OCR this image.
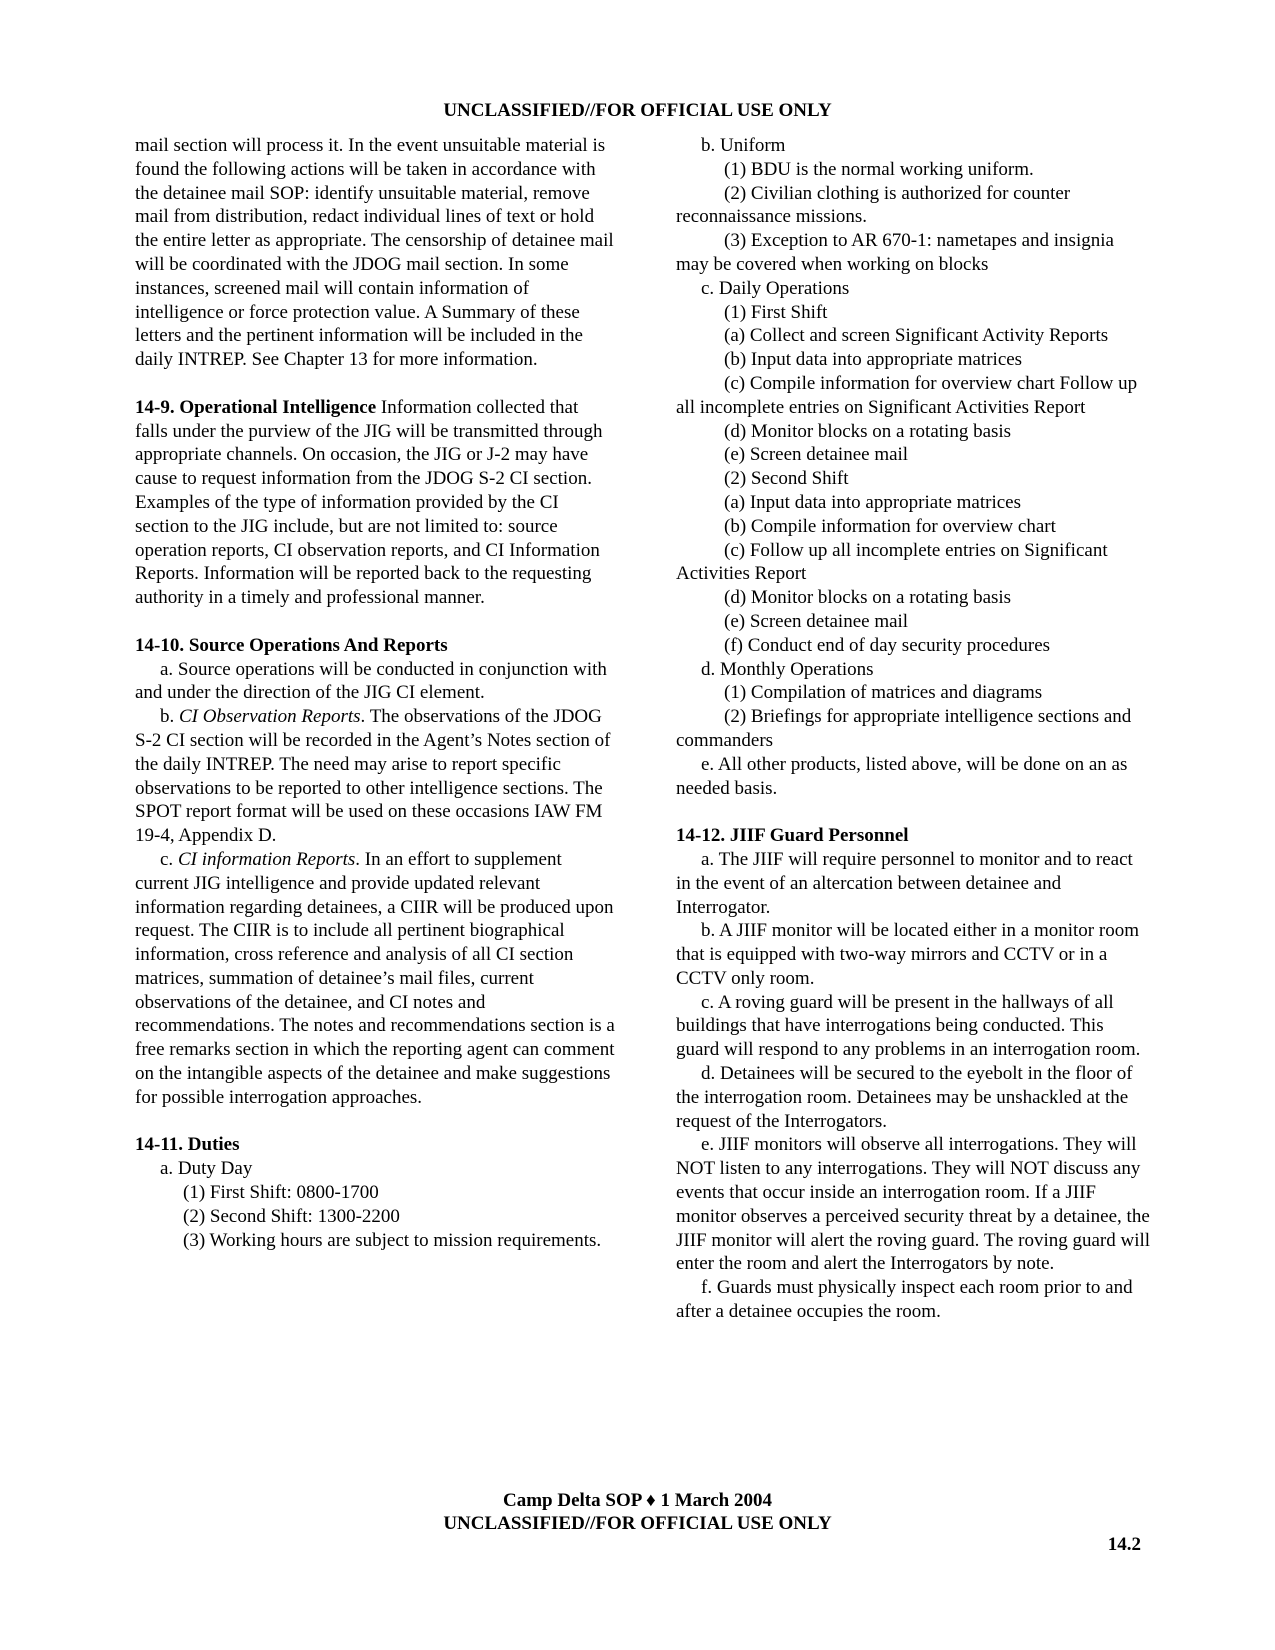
UNCLASSIFIED//FOR OFFICIAL USE ONLY

mail section will process it. In the event unsuitable material is found the following actions will be taken in accordance with the detainee mail SOP: identify unsuitable material, remove mail from distribution, redact individual lines of text or hold the entire letter as appropriate. The censorship of detainee mail will be coordinated with the JDOG mail section. In some instances, screened mail will contain information of intelligence or force protection value. A Summary of these letters and the pertinent information will be included in the daily INTREP. See Chapter 13 for more information.

14-9. Operational Intelligence Information collected that falls under the purview of the JIG will be transmitted through appropriate channels. On occasion, the JIG or J-2 may have cause to request information from the JDOG S-2 CI section. Examples of the type of information provided by the CI section to the JIG include, but are not limited to: source operation reports, CI observation reports, and CI Information Reports. Information will be reported back to the requesting authority in a timely and professional manner.

14-10. Source Operations And Reports

a. Source operations will be conducted in conjunction with and under the direction of the JIG CI element.

b. CI Observation Reports. The observations of the JDOG S-2 CI section will be recorded in the Agent’s Notes section of the daily INTREP. The need may arise to report specific observations to be reported to other intelligence sections. The SPOT report format will be used on these occasions IAW FM 19-4, Appendix D.

c. CI information Reports. In an effort to supplement current JIG intelligence and provide updated relevant information regarding detainees, a CIIR will be produced upon request. The CIIR is to include all pertinent biographical information, cross reference and analysis of all CI section matrices, summation of detainee’s mail files, current observations of the detainee, and CI notes and recommendations. The notes and recommendations section is a free remarks section in which the reporting agent can comment on the intangible aspects of the detainee and make suggestions for possible interrogation approaches.

14-11. Duties

a. Duty Day

(1) First Shift: 0800-1700

(2) Second Shift: 1300-2200

(3) Working hours are subject to mission requirements.

b. Uniform

(1) BDU is the normal working uniform.

(2) Civilian clothing is authorized for counter reconnaissance missions.

(3) Exception to AR 670-1: nametapes and insignia may be covered when working on blocks

c. Daily Operations

(1) First Shift

(a) Collect and screen Significant Activity Reports

(b) Input data into appropriate matrices

(c) Compile information for overview chart Follow up all incomplete entries on Significant Activities Report

(d) Monitor blocks on a rotating basis

(e) Screen detainee mail

(2) Second Shift

(a) Input data into appropriate matrices

(b) Compile information for overview chart

(c) Follow up all incomplete entries on Significant Activities Report

(d) Monitor blocks on a rotating basis

(e) Screen detainee mail

(f) Conduct end of day security procedures

d. Monthly Operations

(1) Compilation of matrices and diagrams

(2) Briefings for appropriate intelligence sections and commanders

e. All other products, listed above, will be done on an as needed basis.

14-12. JIIF Guard Personnel

a. The JIIF will require personnel to monitor and to react in the event of an altercation between detainee and Interrogator.

b. A JIIF monitor will be located either in a monitor room that is equipped with two-way mirrors and CCTV or in a CCTV only room.

c. A roving guard will be present in the hallways of all buildings that have interrogations being conducted. This guard will respond to any problems in an interrogation room.

d. Detainees will be secured to the eyebolt in the floor of the interrogation room. Detainees may be unshackled at the request of the Interrogators.

e. JIIF monitors will observe all interrogations. They will NOT listen to any interrogations. They will NOT discuss any events that occur inside an interrogation room. If a JIIF monitor observes a perceived security threat by a detainee, the JIIF monitor will alert the roving guard. The roving guard will enter the room and alert the Interrogators by note.

f. Guards must physically inspect each room prior to and after a detainee occupies the room.

Camp Delta SOP ♦ 1 March 2004
UNCLASSIFIED//FOR OFFICIAL USE ONLY
14.2
